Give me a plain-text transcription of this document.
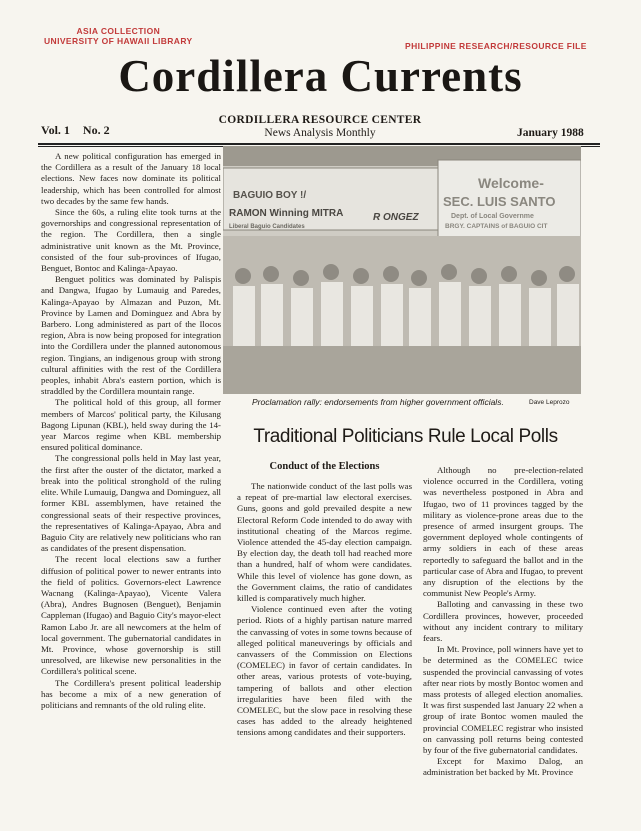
ASIA COLLECTION
UNIVERSITY OF HAWAII LIBRARY	PHILIPPINE RESEARCH/RESOURCE FILE
Cordillera Currents
Vol. 1 No. 2
CORDILLERA RESOURCE CENTER
News Analysis Monthly	January 1988

A new political configuration has emerged in the Cordillera as a result of the January 18 local elections. New faces now dominate its political leadership, which has been controlled for almost two decades by the same few hands.

Since the 60s, a ruling elite took turns at the governorships and congressional representation of the region. The Cordillera, then a single administrative unit known as the Mt. Province, consisted of the four sub-provinces of Ifugao, Benguet, Bontoc and Kalinga-Apayao.

Benguet politics was dominated by Palispis and Dangwa, Ifugao by Lumauig and Paredes, Kalinga-Apayao by Almazan and Puzon, Mt. Province by Lamen and Dominguez and Abra by Barbero. Long administered as part of the Ilocos region, Abra is now being proposed for integration into the Cordillera under the planned autonomous region. Tingians, an indigenous group with strong cultural affinities with the rest of the Cordillera peoples, inhabit Abra's eastern portion, which is straddled by the Cordillera mountain range.

The political hold of this group, all former members of Marcos' political party, the Kilusang Bagong Lipunan (KBL), held sway during the 14-year Marcos regime when KBL membership ensured political dominance.

The congressional polls held in May last year, the first after the ouster of the dictator, marked a break into the political stronghold of the ruling elite. While Lumauig, Dangwa and Dominguez, all former KBL assemblymen, have retained the congressional seats of their respective provinces, the representatives of Kalinga-Apayao, Abra and Baguio City are relatively new politicians who ran as candidates of the present dispensation.

The recent local elections saw a further diffusion of political power to newer entrants into the field of politics. Governors-elect Lawrence Wacnang (Kalinga-Apayao), Vicente Valera (Abra), Andres Bugnosen (Benguet), Benjamin Cappleman (Ifugao) and Baguio City's mayor-elect Ramon Labo Jr. are all newcomers at the helm of local government. The gubernatorial candidates in Mt. Province, whose governorship is still unresolved, are likewise new personalities in the Cordillera's political scene.

The Cordillera's present political leadership has become a mix of a new generation of politicians and remnants of the old ruling elite.

BAGUIO BOY !/
RAMON Winning MITRA
Liberal Baguio Candidates
R ONGEZ
Welcome-
SEC. LUIS SANTO
Dept. of Local Governme
BRGY. CAPTAINS of BAGUIO CIT
Proclamation rally: endorsements from higher government officials.	Dave Leprozo
Traditional Politicians Rule Local Polls
Conduct of the Elections

The nationwide conduct of the last polls was a repeat of pre-martial law electoral exercises. Guns, goons and gold prevailed despite a new Electoral Reform Code intended to do away with institutional cheating of the Marcos regime. Violence attended the 45-day election campaign. By election day, the death toll had reached more than a hundred, half of whom were candidates. While this level of violence has gone down, as the Government claims, the ratio of candidates killed is comparatively much higher.

Violence continued even after the voting period. Riots of a highly partisan nature marred the canvassing of votes in some towns because of alleged political maneuverings by officials and canvassers of the Commission on Elections (COMELEC) in favor of certain candidates. In other areas, various protests of vote-buying, tampering of ballots and other election irregularities have been filed with the COMELEC, but the slow pace in resolving these cases has added to the already heightened tensions among candidates and their supporters.

Although no pre-election-related violence occurred in the Cordillera, voting was nevertheless postponed in Abra and Ifugao, two of 11 provinces tagged by the military as violence-prone areas due to the presence of armed insurgent groups. The government deployed whole contingents of army soldiers in each of these areas reportedly to safeguard the ballot and in the particular case of Abra and Ifugao, to prevent any disruption of the elections by the communist New People's Army.

Balloting and canvassing in these two Cordillera provinces, however, proceeded without any incident contrary to military fears.

In Mt. Province, poll winners have yet to be determined as the COMELEC twice suspended the provincial canvassing of votes after near riots by mostly Bontoc women and mass protests of alleged election anomalies. It was first suspended last January 22 when a group of irate Bontoc women mauled the provincial COMELEC registrar who insisted on canvassing poll returns being contested by four of the five gubernatorial candidates.

Except for Maximo Dalog, an administration bet backed by Mt. Province
